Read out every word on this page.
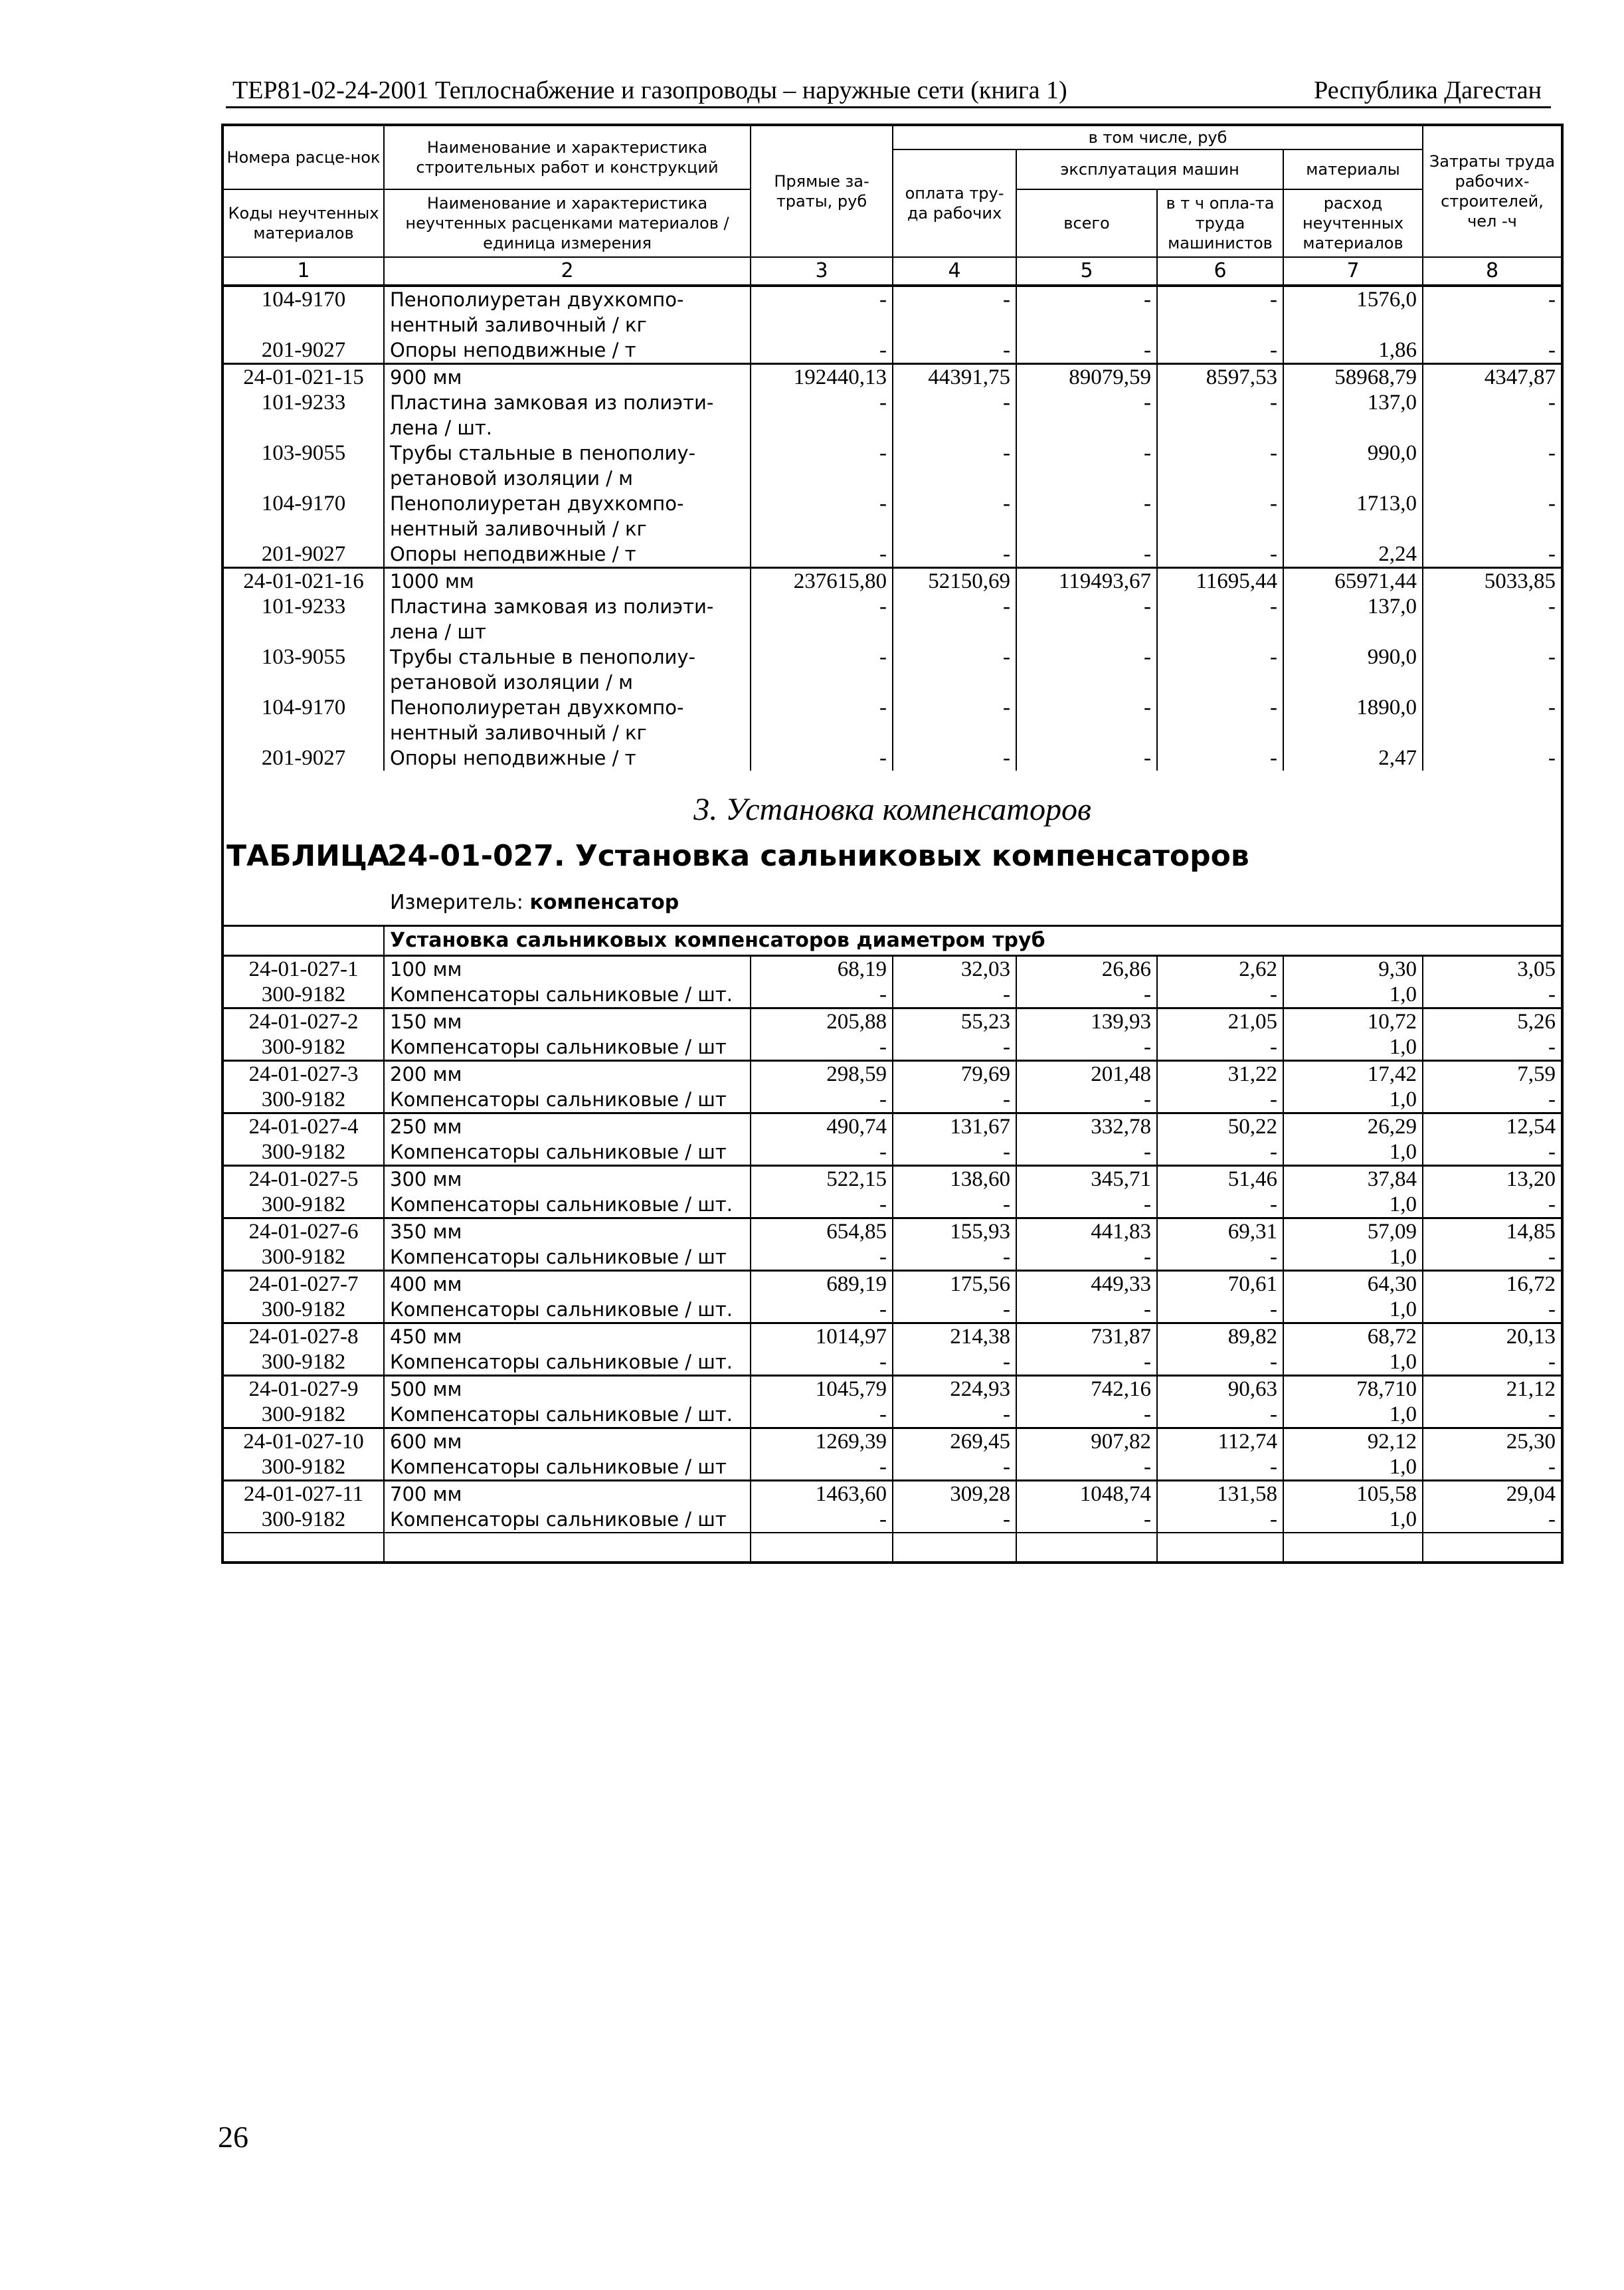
ТЕР81-02-24-2001 Теплоснабжение и газопроводы – наружные сети (книга 1)	Республика Дагестан
Номера расце-нок	Наименование и характеристика строительных работ и конструкций	Прямые за-траты, руб	в том числе, руб				Затраты труда рабочих-строителей, чел -ч
			оплата тру-да рабочих	эксплуатация машин		материалы	
Коды неучтенных материалов	Наименование и характеристика неучтенных расценками материалов / единица измерения			всего	в т ч опла-та труда машинистов	расход неучтенных материалов	

1	2	3	4	5	6	7	8
104-9170	Пенополиуретан двухкомпо-нентный заливочный / кг	-	-	-	-	1576,0	-
201-9027	Опоры неподвижные / т	-	-	-	-	1,86	-
24-01-021-15	900 мм	192440,13	44391,75	89079,59	8597,53	58968,79	4347,87
101-9233	Пластина замковая из полиэти-лена / шт.	-	-	-	-	137,0	-
103-9055	Трубы стальные в пенополиу-ретановой изоляции / м	-	-	-	-	990,0	-
104-9170	Пенополиуретан двухкомпо-нентный заливочный / кг	-	-	-	-	1713,0	-
201-9027	Опоры неподвижные / т	-	-	-	-	2,24	-
24-01-021-16	1000 мм	237615,80	52150,69	119493,67	11695,44	65971,44	5033,85
101-9233	Пластина замковая из полиэти-лена / шт	-	-	-	-	137,0	-
103-9055	Трубы стальные в пенополиу-ретановой изоляции / м	-	-	-	-	990,0	-
104-9170	Пенополиуретан двухкомпо-нентный заливочный / кг	-	-	-	-	1890,0	-
201-9027	Опоры неподвижные / т	-	-	-	-	2,47	-

3. Установка компенсаторов
ТАБЛИЦА24-01-027. Установка сальниковых компенсаторов
Измеритель: компенсатор							

	Установка сальниковых компенсаторов диаметром труб						
24-01-027-1	100 мм	68,19	32,03	26,86	2,62	9,30	3,05
300-9182	Компенсаторы сальниковые / шт.	-	-	-	-	1,0	-
24-01-027-2	150 мм	205,88	55,23	139,93	21,05	10,72	5,26
300-9182	Компенсаторы сальниковые / шт	-	-	-	-	1,0	-
24-01-027-3	200 мм	298,59	79,69	201,48	31,22	17,42	7,59
300-9182	Компенсаторы сальниковые / шт	-	-	-	-	1,0	-
24-01-027-4	250 мм	490,74	131,67	332,78	50,22	26,29	12,54
300-9182	Компенсаторы сальниковые / шт	-	-	-	-	1,0	-
24-01-027-5	300 мм	522,15	138,60	345,71	51,46	37,84	13,20
300-9182	Компенсаторы сальниковые / шт.	-	-	-	-	1,0	-
24-01-027-6	350 мм	654,85	155,93	441,83	69,31	57,09	14,85
300-9182	Компенсаторы сальниковые / шт	-	-	-	-	1,0	-
24-01-027-7	400 мм	689,19	175,56	449,33	70,61	64,30	16,72
300-9182	Компенсаторы сальниковые / шт.	-	-	-	-	1,0	-
24-01-027-8	450 мм	1014,97	214,38	731,87	89,82	68,72	20,13
300-9182	Компенсаторы сальниковые / шт.	-	-	-	-	1,0	-
24-01-027-9	500 мм	1045,79	224,93	742,16	90,63	78,710	21,12
300-9182	Компенсаторы сальниковые / шт.	-	-	-	-	1,0	-
24-01-027-10	600 мм	1269,39	269,45	907,82	112,74	92,12	25,30
300-9182	Компенсаторы сальниковые / шт	-	-	-	-	1,0	-
24-01-027-11	700 мм	1463,60	309,28	1048,74	131,58	105,58	29,04
300-9182	Компенсаторы сальниковые / шт	-	-	-	-	1,0	-

26
